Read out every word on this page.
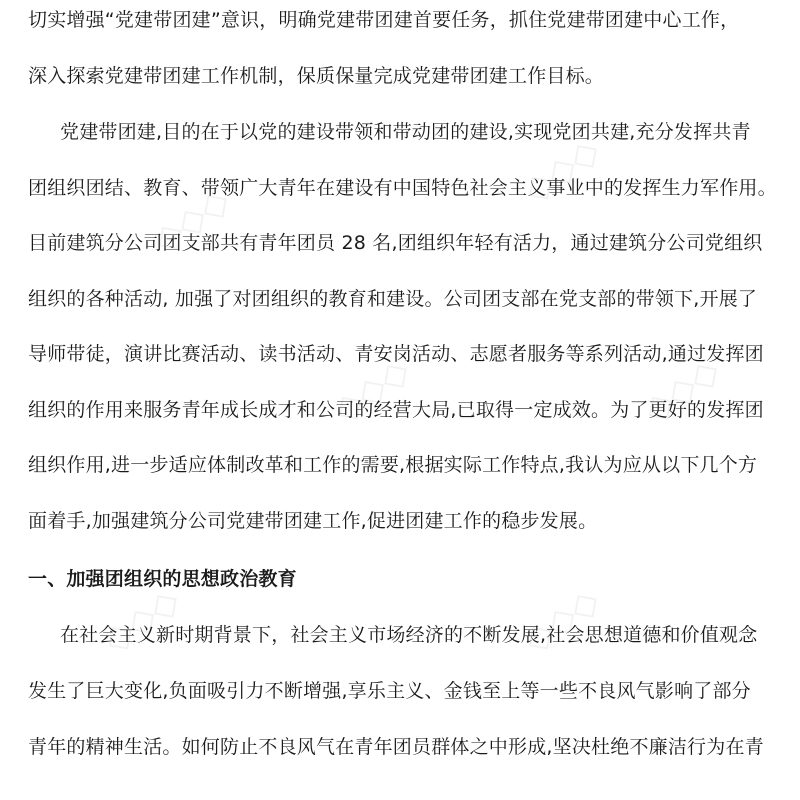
◇◇◇
◇◇◇
◇◇◇	◇◇◇
◇◇◇	◇◇◇
切实增强“党建带团建”意识，明确党建带团建首要任务，抓住党建带团建中心工作，
深入探索党建带团建工作机制，保质保量完成党建带团建工作目标。
党建带团建,目的在于以党的建设带领和带动团的建设,实现党团共建,充分发挥共青
团组织团结、教育、带领广大青年在建设有中国特色社会主义事业中的发挥生力军作用。
目前建筑分公司团支部共有青年团员 28 名,团组织年轻有活力，通过建筑分公司党组织
组织的各种活动, 加强了对团组织的教育和建设。公司团支部在党支部的带领下,开展了
导师带徒，演讲比赛活动、读书活动、青安岗活动、志愿者服务等系列活动,通过发挥团
组织的作用来服务青年成长成才和公司的经营大局,已取得一定成效。为了更好的发挥团
组织作用,进一步适应体制改革和工作的需要,根据实际工作特点,我认为应从以下几个方
面着手,加强建筑分公司党建带团建工作,促进团建工作的稳步发展。
一、加强团组织的思想政治教育
在社会主义新时期背景下，社会主义市场经济的不断发展,社会思想道德和价值观念
发生了巨大变化,负面吸引力不断增强,享乐主义、金钱至上等一些不良风气影响了部分
青年的精神生活。如何防止不良风气在青年团员群体之中形成,坚决杜绝不廉洁行为在青
